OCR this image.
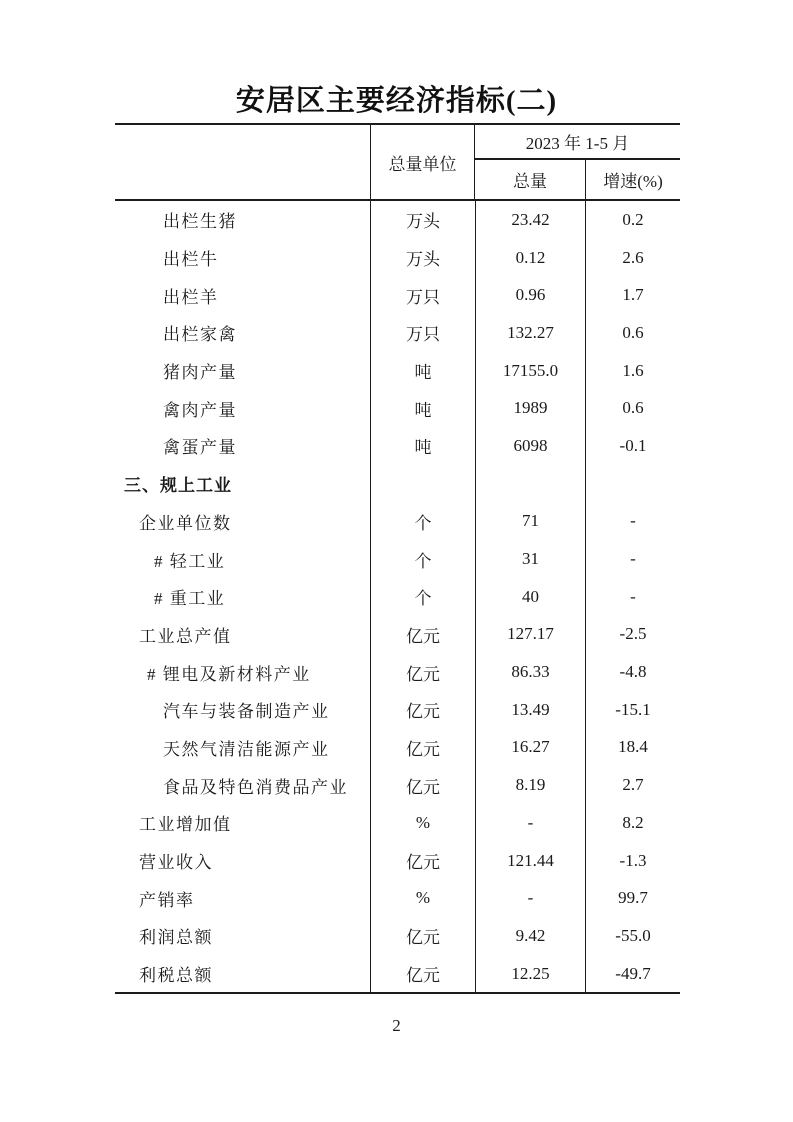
安居区主要经济指标(二)
总量单位
2023 年 1-5 月
总量	增速(%)
出栏生猪	万头	23.42	0.2
出栏牛	万头	0.12	2.6
出栏羊	万只	0.96	1.7
出栏家禽	万只	132.27	0.6
猪肉产量	吨	17155.0	1.6
禽肉产量	吨	1989	0.6
禽蛋产量	吨	6098	-0.1
三、规上工业
企业单位数	个	71	-
# 轻工业	个	31	-
# 重工业	个	40	-
工业总产值	亿元	127.17	-2.5
# 锂电及新材料产业	亿元	86.33	-4.8
汽车与装备制造产业	亿元	13.49	-15.1
天然气清洁能源产业	亿元	16.27	18.4
食品及特色消费品产业	亿元	8.19	2.7
工业增加值	%	-	8.2
营业收入	亿元	121.44	-1.3
产销率	%	-	99.7
利润总额	亿元	9.42	-55.0
利税总额	亿元	12.25	-49.7
2
